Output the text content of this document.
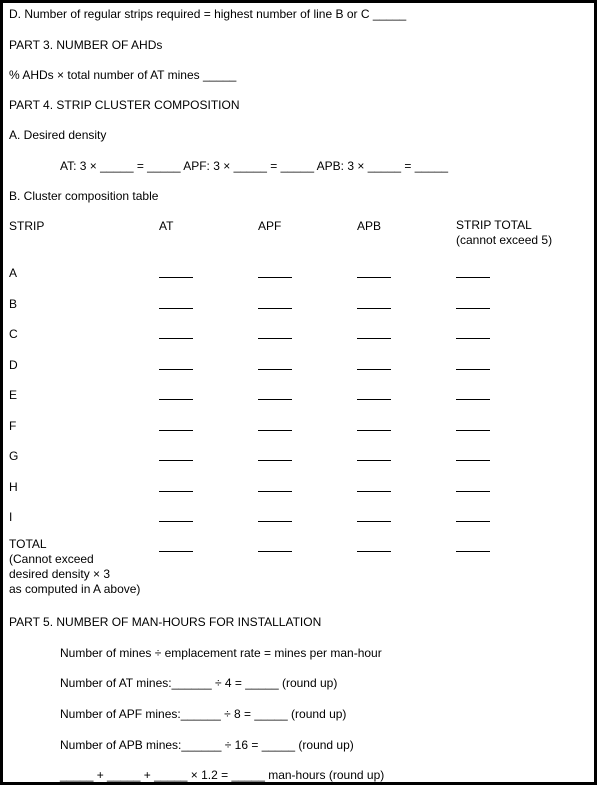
D. Number of regular strips required = highest number of line B or C _____
PART 3. NUMBER OF AHDs
% AHDs × total number of AT mines _____
PART 4. STRIP CLUSTER COMPOSITION
A. Desired density
AT: 3 × _____ = _____ APF: 3 × _____ = _____ APB: 3 × _____ = _____
B. Cluster composition table
STRIP	AT	APF	APB	STRIP TOTAL
(cannot exceed 5)
A
B
C
D
E
F
G
H
I
TOTAL
(Cannot exceed
desired density × 3
as computed in A above)
PART 5. NUMBER OF MAN-HOURS FOR INSTALLATION
Number of mines ÷ emplacement rate = mines per man-hour
Number of AT mines:______ ÷ 4 = _____ (round up)
Number of APF mines:______ ÷ 8 = _____ (round up)
Number of APB mines:______ ÷ 16 = _____ (round up)
_____ + _____ + _____ × 1.2 = _____ man-hours (round up)
